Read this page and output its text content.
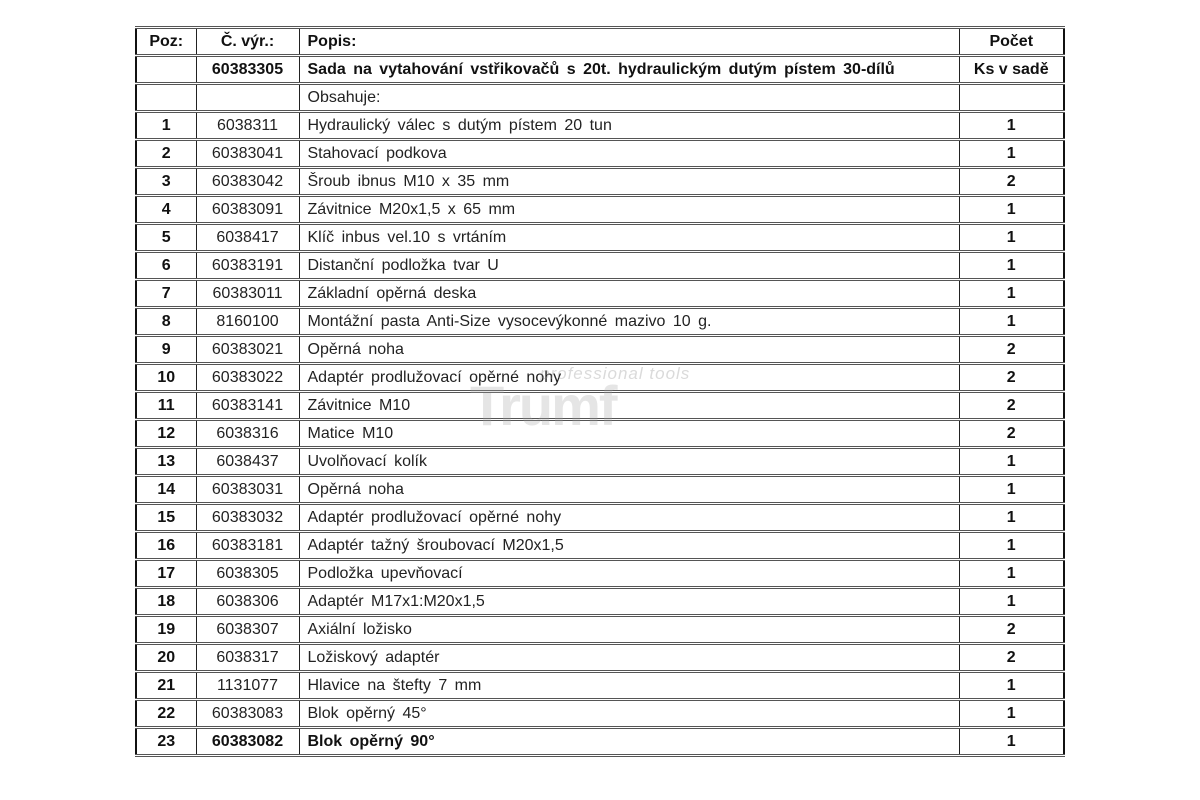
Poz:	Č. výr.:	Popis:	Počet
	60383305	Sada na vytahování vstřikovačů s 20t. hydraulickým dutým pístem 30-dílů	Ks v sadě
		Obsahuje:	
1	6038311	Hydraulický válec s dutým pístem 20 tun	1
2	60383041	Stahovací podkova	1
3	60383042	Šroub ibnus M10 x 35 mm	2
4	60383091	Závitnice M20x1,5 x 65 mm	1
5	6038417	Klíč inbus vel.10 s vrtáním	1
6	60383191	Distanční podložka tvar U	1
7	60383011	Základní opěrná deska	1
8	8160100	Montážní pasta Anti-Size vysocevýkonné mazivo 10 g.	1
9	60383021	Opěrná noha	2
10	60383022	Adaptér prodlužovací opěrné nohy	2
11	60383141	Závitnice M10	2
12	6038316	Matice M10	2
13	6038437	Uvolňovací kolík	1
14	60383031	Opěrná noha	1
15	60383032	Adaptér prodlužovací opěrné nohy	1
16	60383181	Adaptér tažný šroubovací M20x1,5	1
17	6038305	Podložka upevňovací	1
18	6038306	Adaptér M17x1:M20x1,5	1
19	6038307	Axiální ložisko	2
20	6038317	Ložiskový adaptér	2
21	1131077	Hlavice na štefty 7 mm	1
22	60383083	Blok opěrný 45°	1
23	60383082	Blok opěrný 90°	1
professional tools
Trumf
